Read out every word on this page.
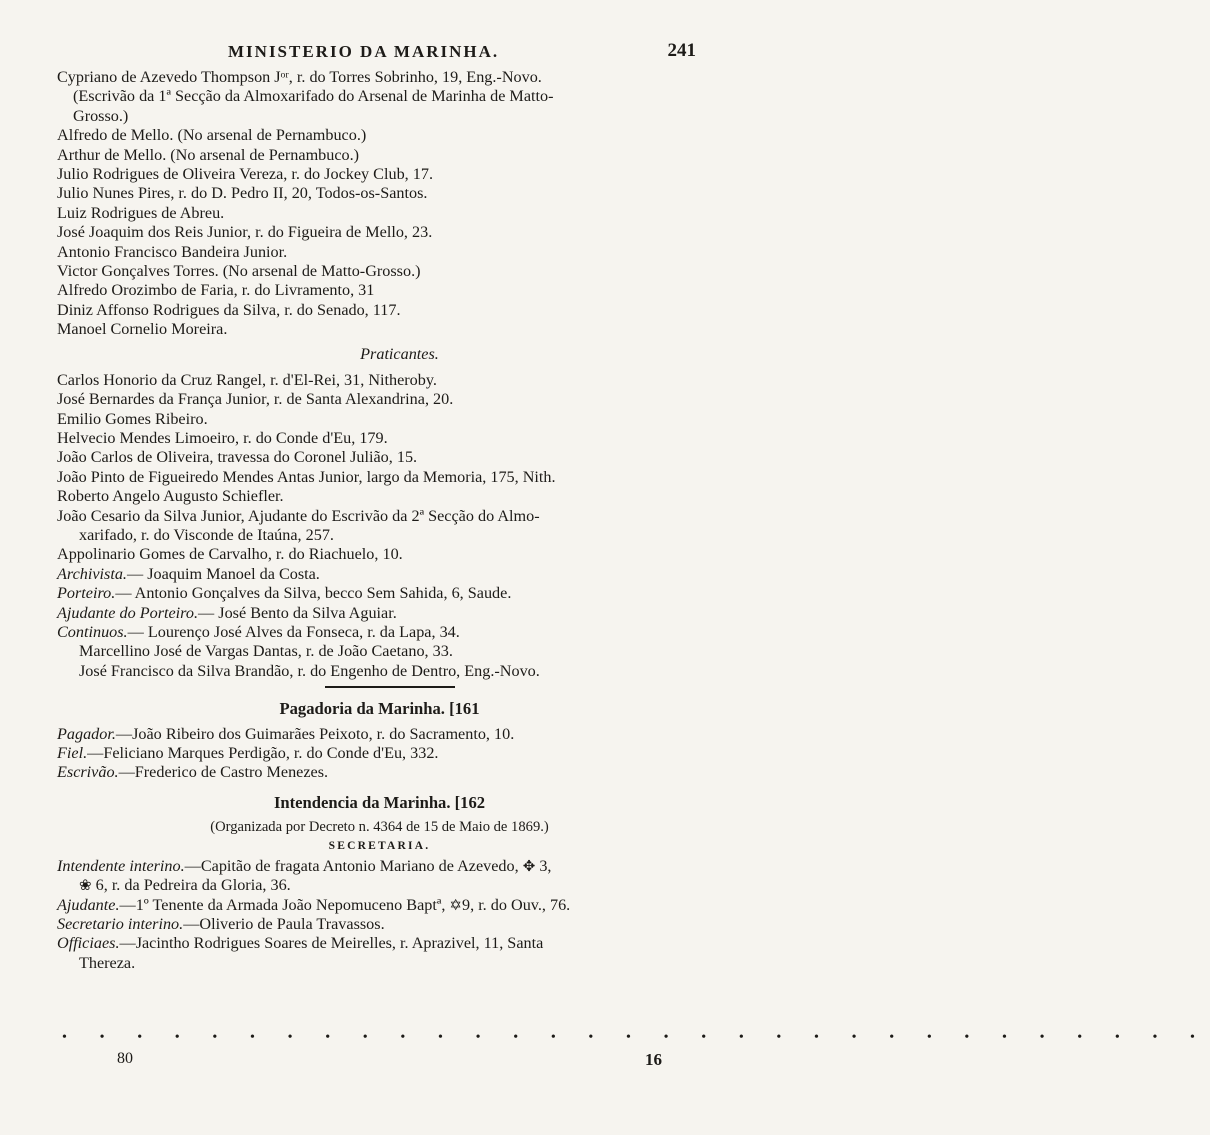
MINISTERIO DA MARINHA.	241
Cypriano de Azevedo Thompson Jᵒʳ, r. do Torres Sobrinho, 19, Eng.-Novo.
(Escrivão da 1ª Secção da Almoxarifado do Arsenal de Marinha de Matto-
Grosso.)
Alfredo de Mello. (No arsenal de Pernambuco.)
Arthur de Mello. (No arsenal de Pernambuco.)
Julio Rodrigues de Oliveira Vereza, r. do Jockey Club, 17.
Julio Nunes Pires, r. do D. Pedro II, 20, Todos-os-Santos.
Luiz Rodrigues de Abreu.
José Joaquim dos Reis Junior, r. do Figueira de Mello, 23.
Antonio Francisco Bandeira Junior.
Victor Gonçalves Torres. (No arsenal de Matto-Grosso.)
Alfredo Orozimbo de Faria, r. do Livramento, 31
Diniz Affonso Rodrigues da Silva, r. do Senado, 117.
Manoel Cornelio Moreira.
Praticantes.
Carlos Honorio da Cruz Rangel, r. d'El-Rei, 31, Nitheroby.
José Bernardes da França Junior, r. de Santa Alexandrina, 20.
Emilio Gomes Ribeiro.
Helvecio Mendes Limoeiro, r. do Conde d'Eu, 179.
João Carlos de Oliveira, travessa do Coronel Julião, 15.
João Pinto de Figueiredo Mendes Antas Junior, largo da Memoria, 175, Nith.
Roberto Angelo Augusto Schiefler.
João Cesario da Silva Junior, Ajudante do Escrivão da 2ª Secção do Almo-
xarifado, r. do Visconde de Itaúna, 257.
Appolinario Gomes de Carvalho, r. do Riachuelo, 10.
Archivista.— Joaquim Manoel da Costa.
Porteiro.— Antonio Gonçalves da Silva, becco Sem Sahida, 6, Saude.
Ajudante do Porteiro.— José Bento da Silva Aguiar.
Continuos.— Lourenço José Alves da Fonseca, r. da Lapa, 34.
Marcellino José de Vargas Dantas, r. de João Caetano, 33.
José Francisco da Silva Brandão, r. do Engenho de Dentro, Eng.-Novo.
Pagadoria da Marinha. [161
Pagador.—João Ribeiro dos Guimarães Peixoto, r. do Sacramento, 10.
Fiel.—Feliciano Marques Perdigão, r. do Conde d'Eu, 332.
Escrivão.—Frederico de Castro Menezes.
Intendencia da Marinha. [162
(Organizada por Decreto n. 4364 de 15 de Maio de 1869.)
SECRETARIA.
Intendente interino.—Capitão de fragata Antonio Mariano de Azevedo, ✥ 3,
❀ 6, r. da Pedreira da Gloria, 36.
Ajudante.—1º Tenente da Armada João Nepomuceno Baptª, ✡9, r. do Ouv., 76.
Secretario interino.—Oliverio de Paula Travassos.
Officiaes.—Jacintho Rodrigues Soares de Meirelles, r. Aprazivel, 11, Santa
Thereza.
• • • • • • • • • • • • • • • • • • • • • • • • • • • • • • •
80	16
